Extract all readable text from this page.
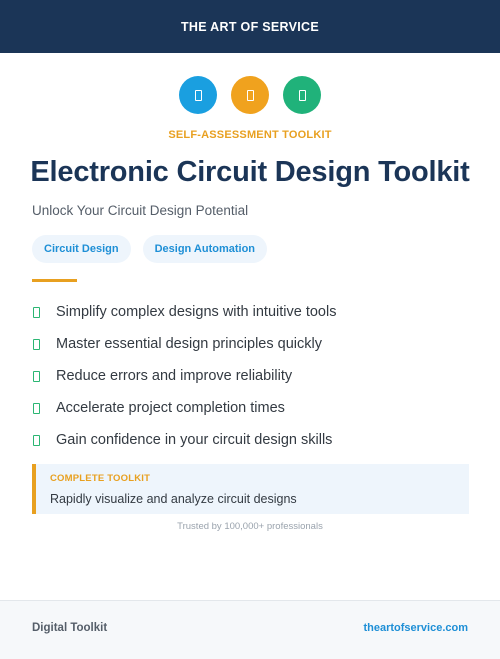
THE ART OF SERVICE
SELF-ASSESSMENT TOOLKIT
Electronic Circuit Design Toolkit
Unlock Your Circuit Design Potential
Circuit Design	Design Automation
Simplify complex designs with intuitive tools
Master essential design principles quickly
Reduce errors and improve reliability
Accelerate project completion times
Gain confidence in your circuit design skills
COMPLETE TOOLKIT
Rapidly visualize and analyze circuit designs
Trusted by 100,000+ professionals
Digital Toolkit	theartofservice.com
